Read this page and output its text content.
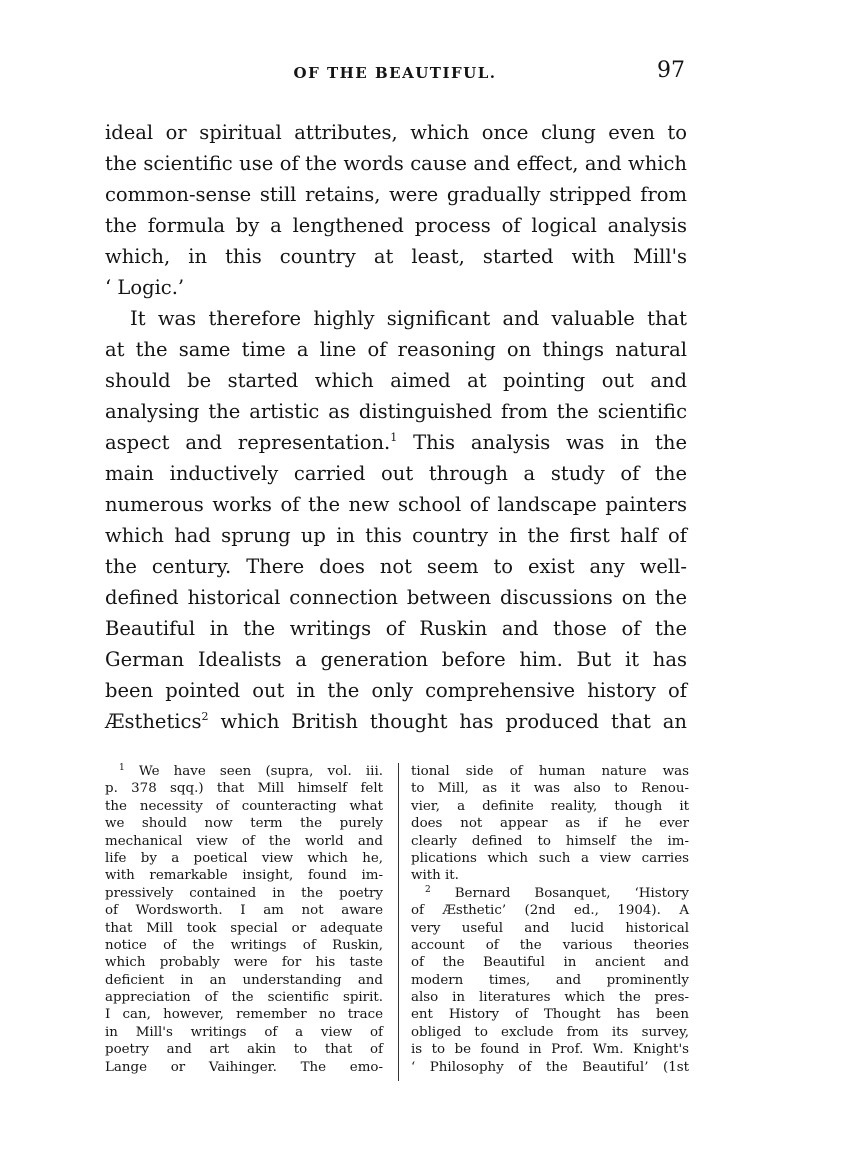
OF THE BEAUTIFUL.	97
ideal or spiritual attributes, which once clung even to
the scientific use of the words cause and effect, and which
common-sense still retains, were gradually stripped from
the formula by a lengthened process of logical analysis
which, in this country at least, started with Mill's
‘ Logic.’
It was therefore highly significant and valuable that
at the same time a line of reasoning on things natural
should be started which aimed at pointing out and
analysing the artistic as distinguished from the scientific
aspect and representation.$^1$ This analysis was in the
main inductively carried out through a study of the
numerous works of the new school of landscape painters
which had sprung up in this country in the first half of
the century. There does not seem to exist any well-
defined historical connection between discussions on the
Beautiful in the writings of Ruskin and those of the
German Idealists a generation before him. But it has
been pointed out in the only comprehensive history of
Æsthetics$^2$ which British thought has produced that an
$^1$ We have seen (supra, vol. iii.
p. 378 sqq.) that Mill himself felt
the necessity of counteracting what
we should now term the purely
mechanical view of the world and
life by a poetical view which he,
with remarkable insight, found im-
pressively contained in the poetry
of Wordsworth. I am not aware
that Mill took special or adequate
notice of the writings of Ruskin,
which probably were for his taste
deficient in an understanding and
appreciation of the scientific spirit.
I can, however, remember no trace
in Mill's writings of a view of
poetry and art akin to that of
Lange or Vaihinger. The emo-
tional side of human nature was
to Mill, as it was also to Renou-
vier, a definite reality, though it
does not appear as if he ever
clearly defined to himself the im-
plications which such a view carries
with it.
$^2$ Bernard Bosanquet, ‘History
of Æsthetic’ (2nd ed., 1904). A
very useful and lucid historical
account of the various theories
of the Beautiful in ancient and
modern times, and prominently
also in literatures which the pres-
ent History of Thought has been
obliged to exclude from its survey,
is to be found in Prof. Wm. Knight's
‘ Philosophy of the Beautiful’ (1st
